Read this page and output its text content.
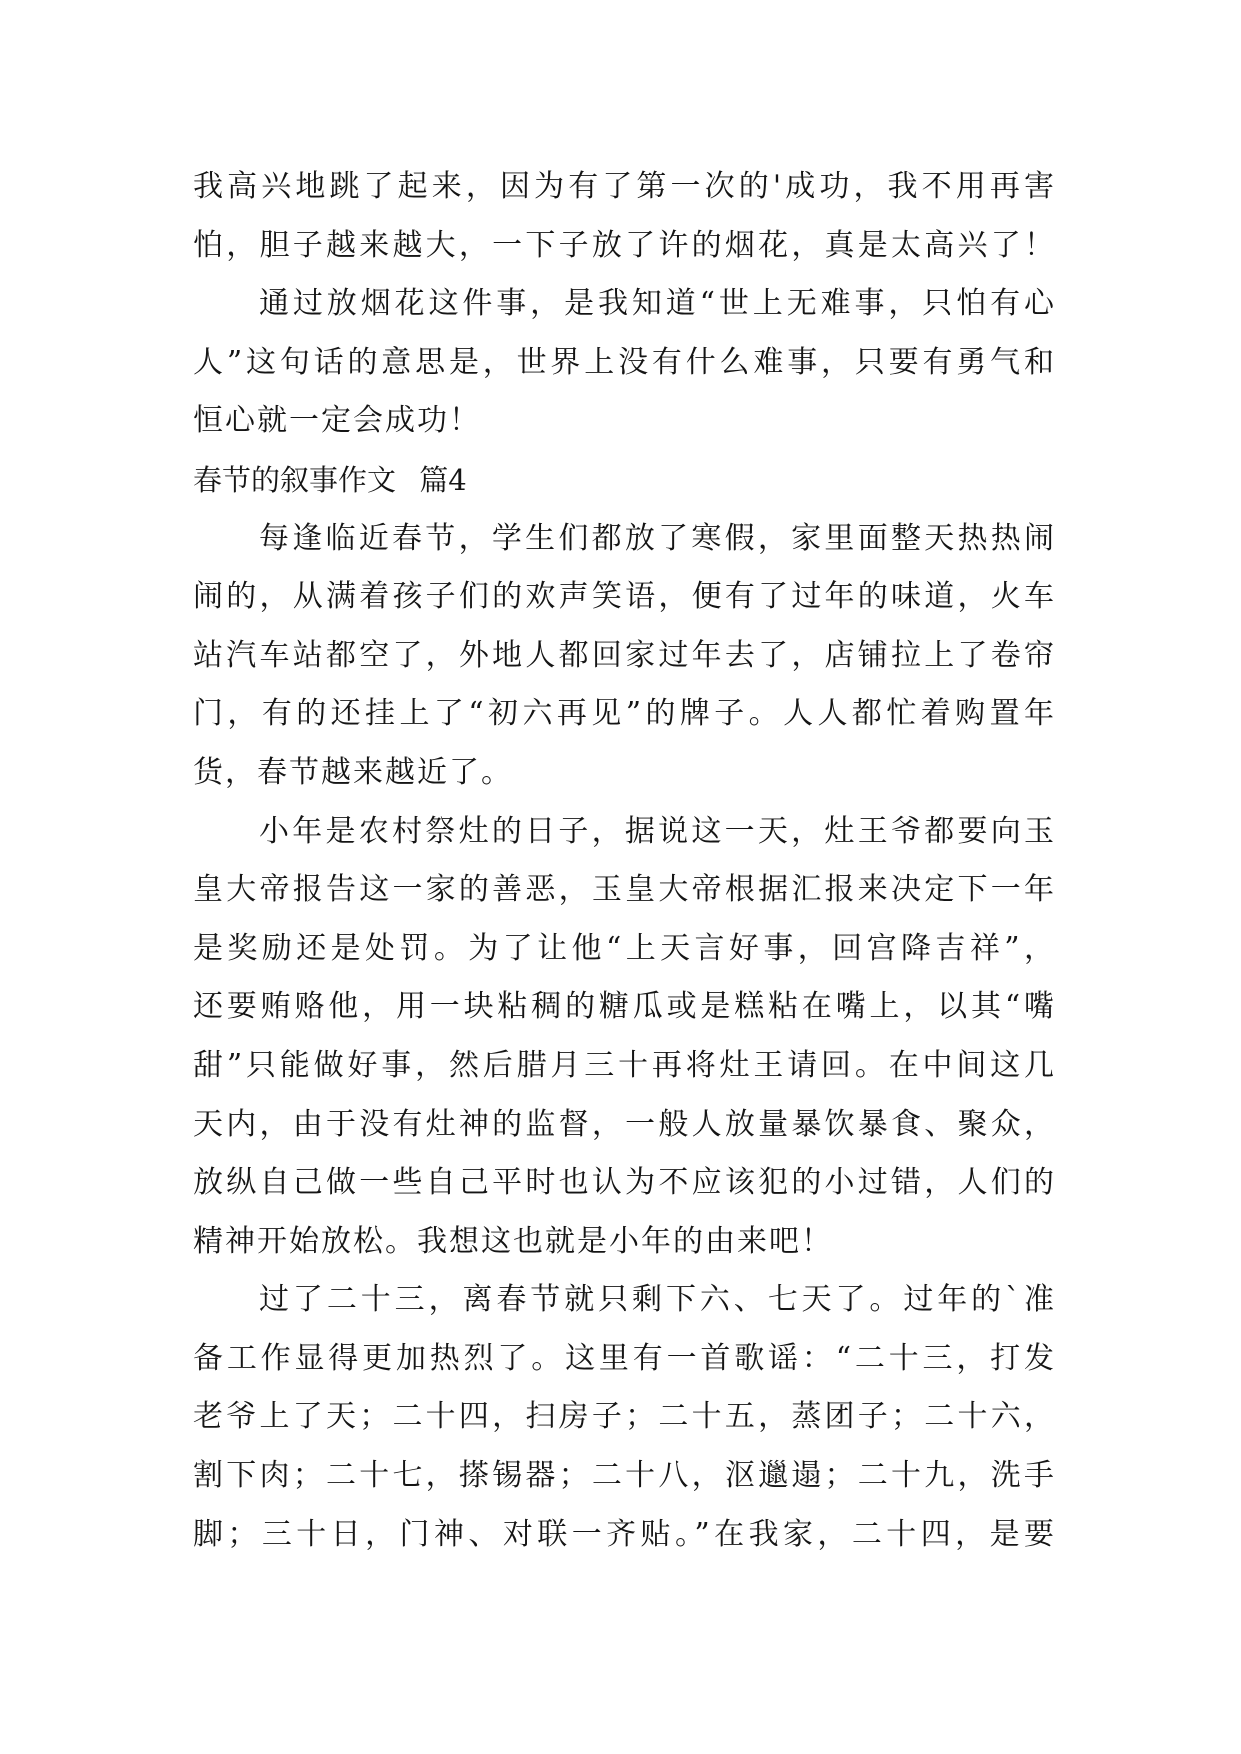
我高兴地跳了起来，因为有了第一次的'成功，我不用再害
怕，胆子越来越大，一下子放了许的烟花，真是太高兴了！
通过放烟花这件事，是我知道“世上无难事，只怕有心
人”这句话的意思是，世界上没有什么难事，只要有勇气和
恒心就一定会成功！
春节的叙事作文 篇4
每逢临近春节，学生们都放了寒假，家里面整天热热闹
闹的，从满着孩子们的欢声笑语，便有了过年的味道，火车
站汽车站都空了，外地人都回家过年去了，店铺拉上了卷帘
门，有的还挂上了“初六再见”的牌子。人人都忙着购置年
货，春节越来越近了。
小年是农村祭灶的日子，据说这一天，灶王爷都要向玉
皇大帝报告这一家的善恶，玉皇大帝根据汇报来决定下一年
是奖励还是处罚。为了让他“上天言好事，回宫降吉祥”，
还要贿赂他，用一块粘稠的糖瓜或是糕粘在嘴上，以其“嘴
甜”只能做好事，然后腊月三十再将灶王请回。在中间这几
天内，由于没有灶神的监督，一般人放量暴饮暴食、聚众，
放纵自己做一些自己平时也认为不应该犯的小过错，人们的
精神开始放松。我想这也就是小年的由来吧！
过了二十三，离春节就只剩下六、七天了。过年的`准
备工作显得更加热烈了。这里有一首歌谣：“二十三，打发
老爷上了天；二十四，扫房子；二十五，蒸团子；二十六，
割下肉；二十七，搽锡器；二十八，沤邋遢；二十九，洗手
脚；三十日，门神、对联一齐贴。”在我家，二十四，是要
